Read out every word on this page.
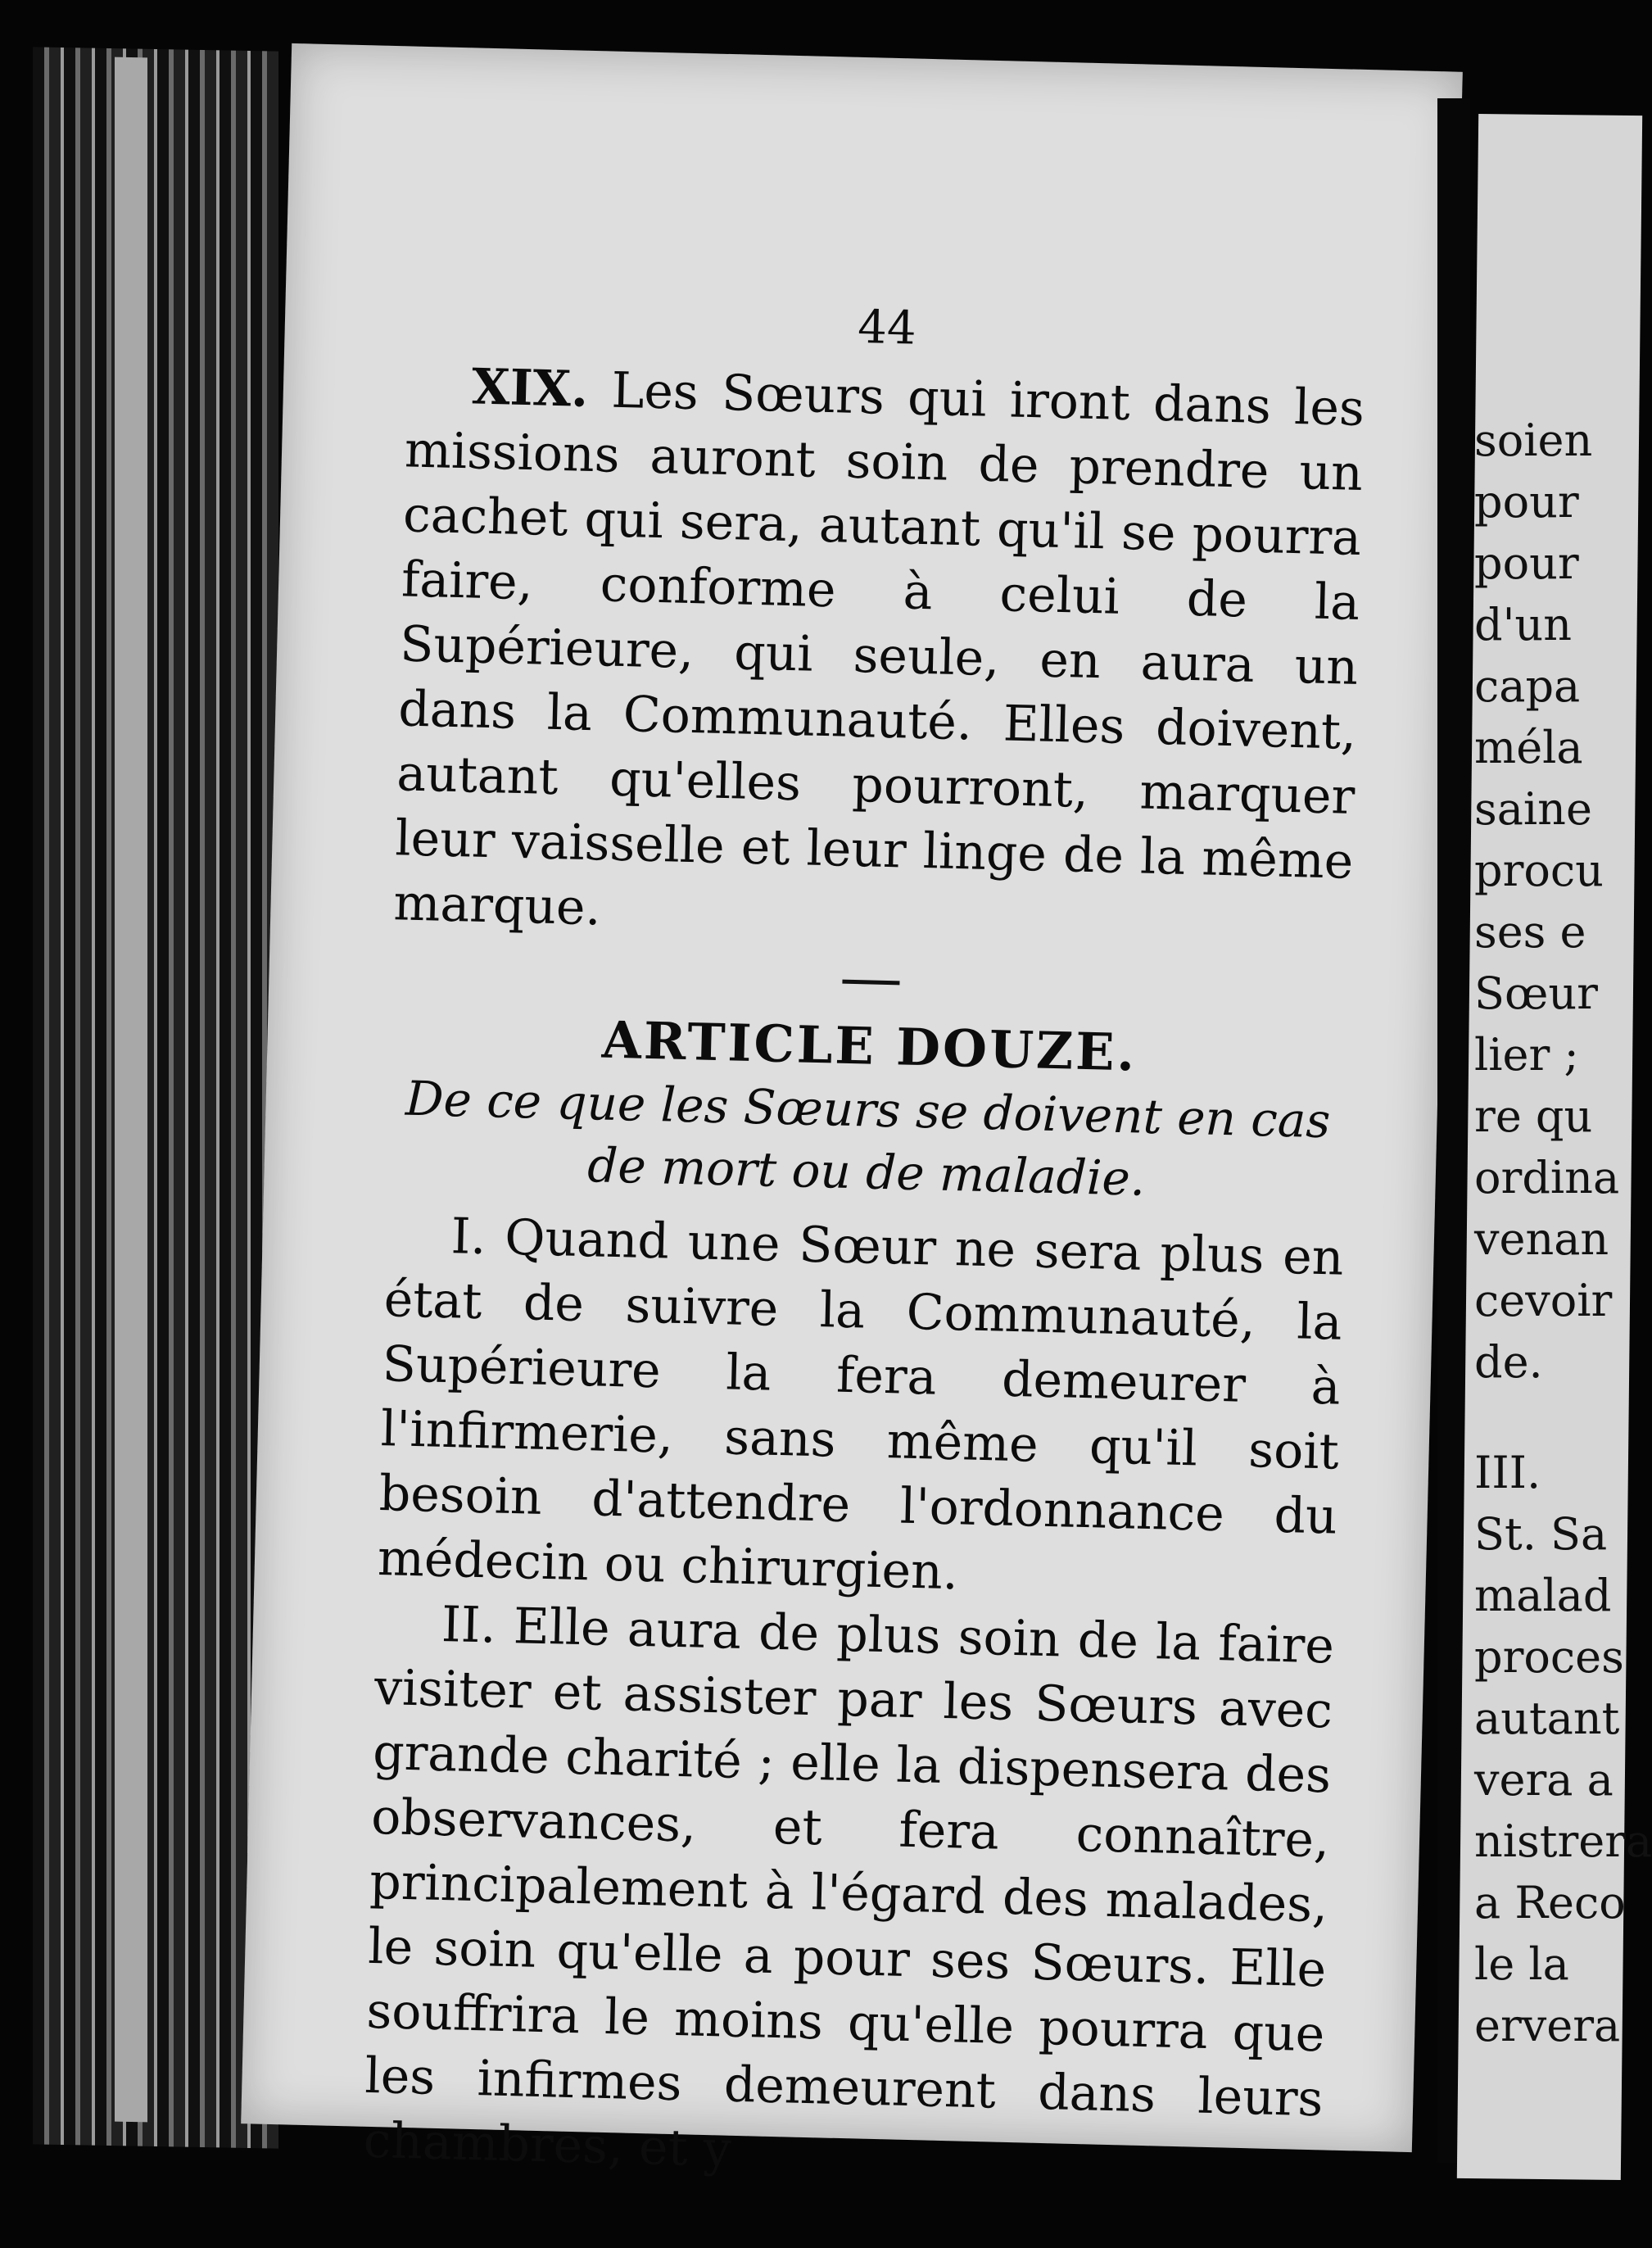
44

XIX. Les Sœurs qui iront dans les missions auront soin de prendre un cachet qui sera, autant qu'il se pourra faire, conforme à celui de la Supérieure, qui seule, en aura un dans la Communauté. Elles doivent, autant qu'elles pourront, marquer leur vaisselle et leur linge de la même marque.

ARTICLE DOUZE.

De ce que les Sœurs se doivent en cas de mort ou de maladie.

I. Quand une Sœur ne sera plus en état de suivre la Communauté, la Supérieure la fera demeurer à l'infirmerie, sans même qu'il soit besoin d'attendre l'ordonnance du médecin ou chirurgien.

II. Elle aura de plus soin de la faire visiter et assister par les Sœurs avec grande charité ; elle la dispensera des observances, et fera connaître, principalement à l'égard des malades, le soin qu'elle a pour ses Sœurs. Elle souffrira le moins qu'elle pourra que les infirmes demeurent dans leurs chambres, et y

soien
pour
pour
d'un
capa
méla
saine
procu
ses e
Sœur
lier ;
re qu
ordina
venan
cevoir
de.
III.
St. Sa
malad
proces
autant
vera a
nistrera
a Reco
le la
erverа
